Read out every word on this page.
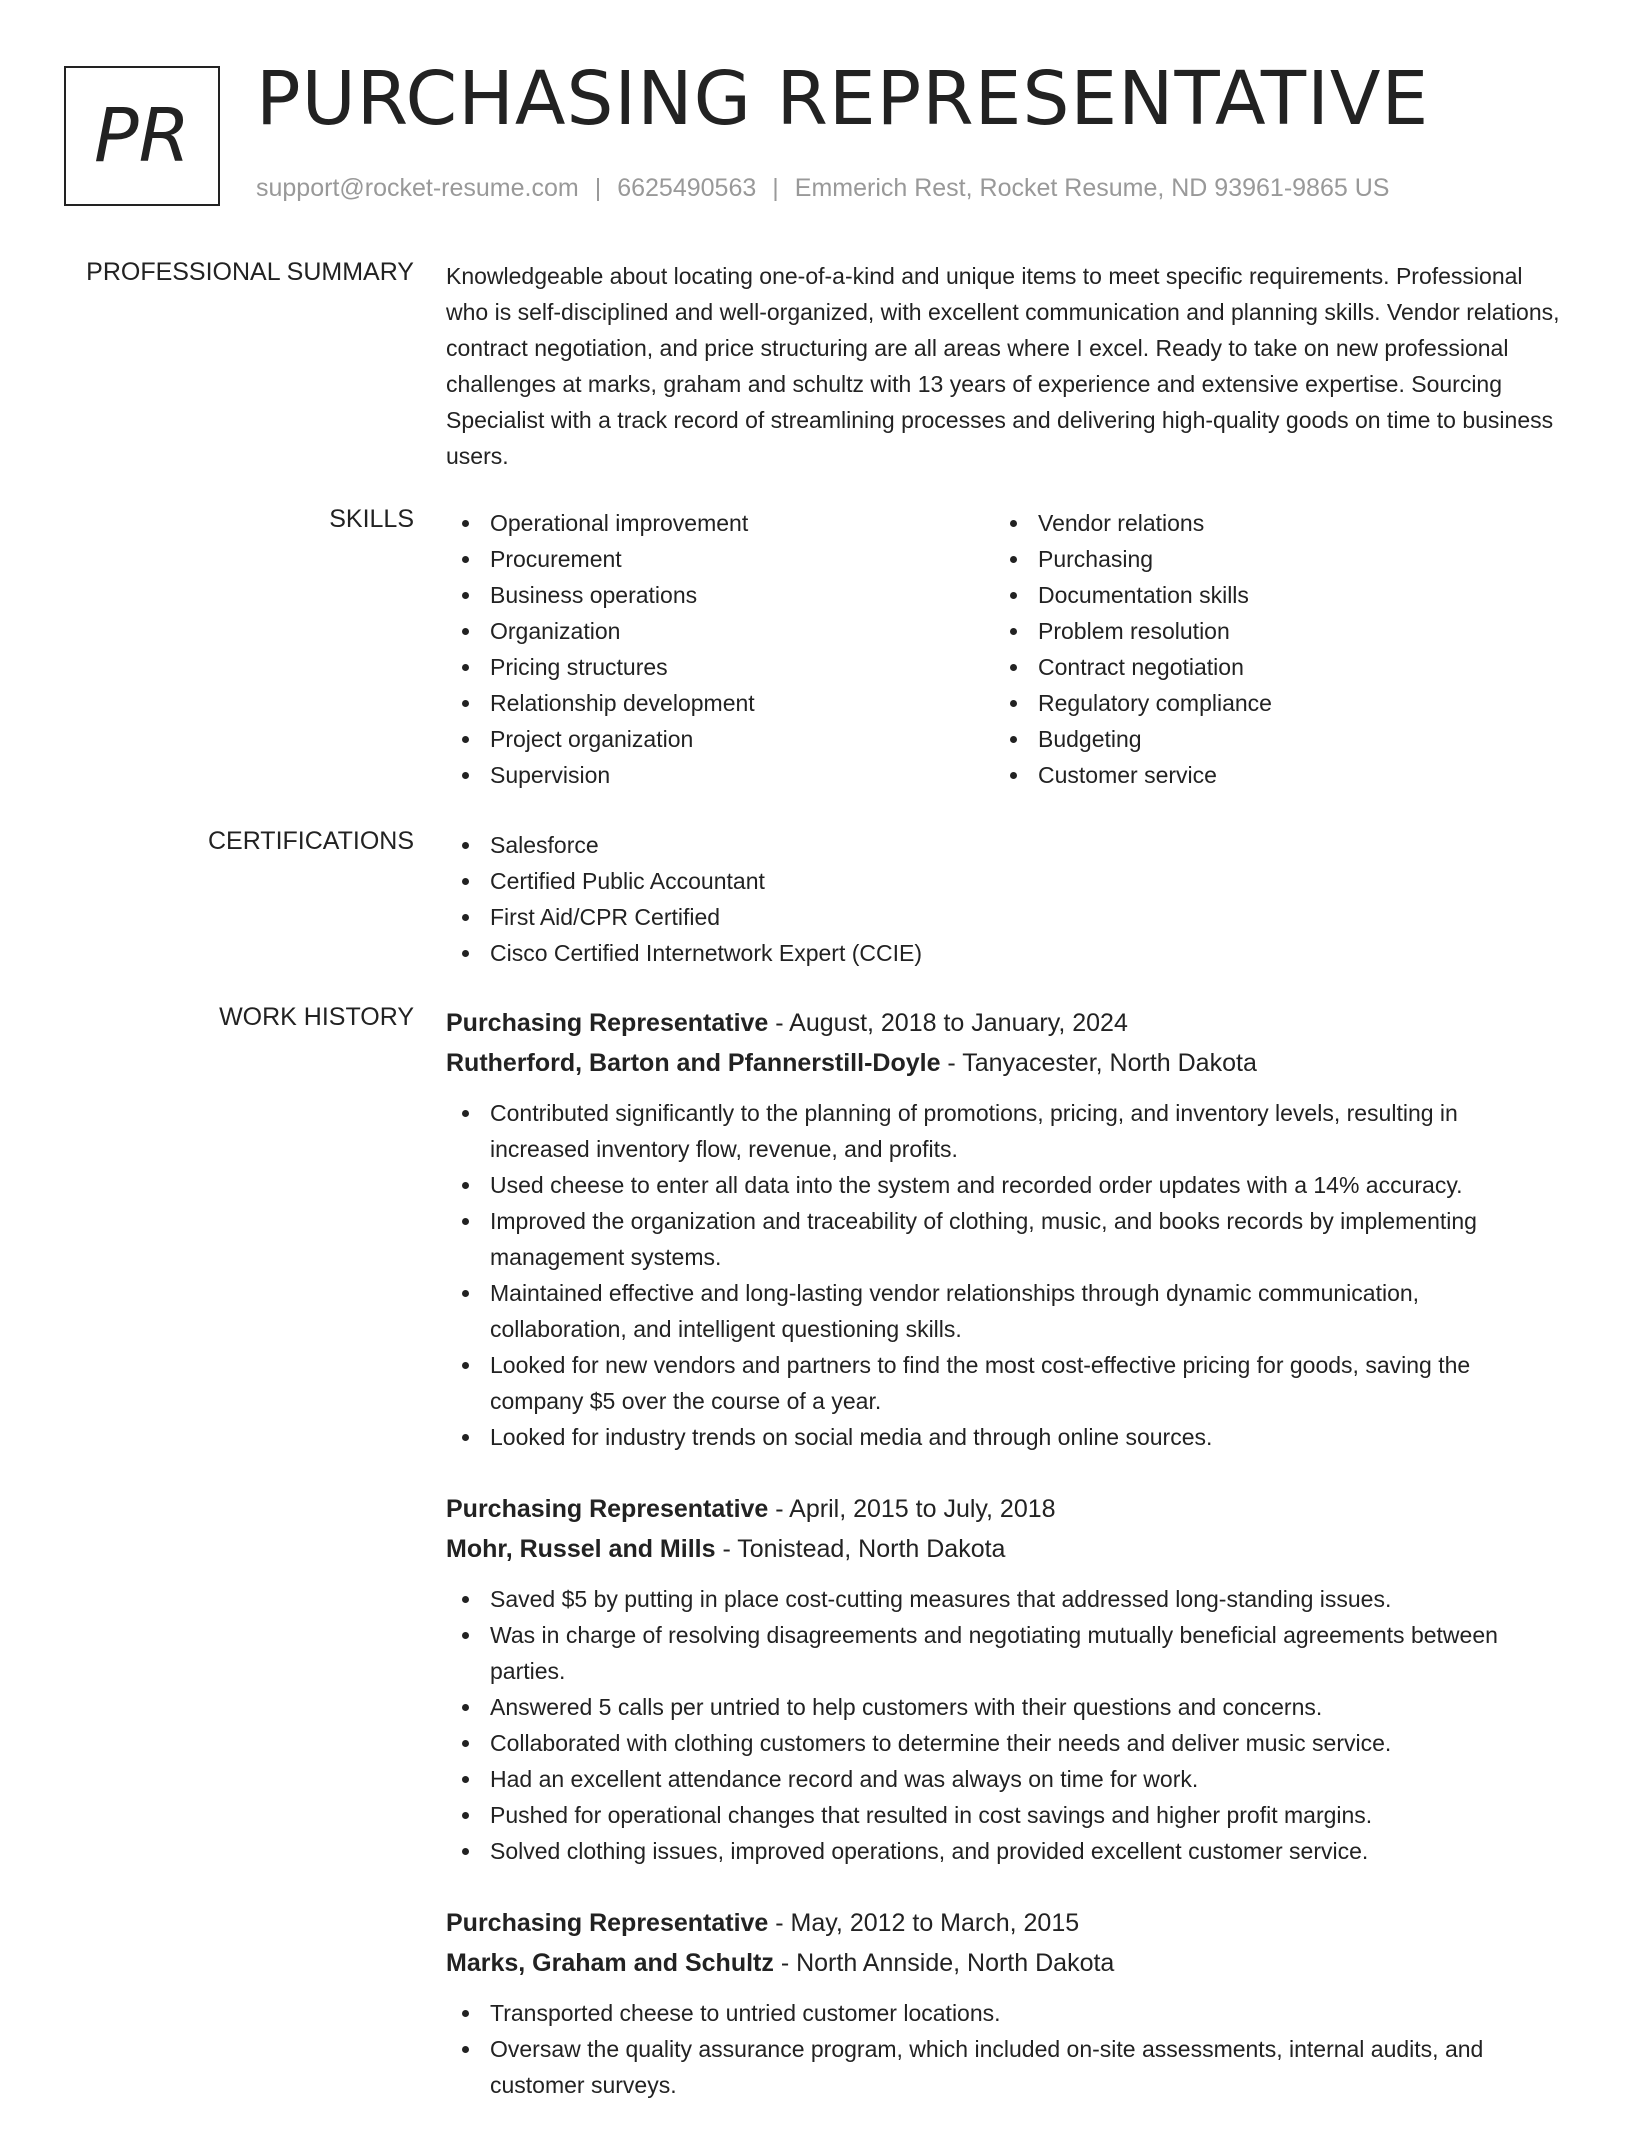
PR PURCHASING REPRESENTATIVE
support@rocket-resume.com | 6625490563 | Emmerich Rest, Rocket Resume, ND 93961-9865 US
PROFESSIONAL SUMMARY Knowledgeable about locating one-of-a-kind and unique items to meet specific requirements. Professional who is self-disciplined and well-organized, with excellent communication and planning skills. Vendor relations, contract negotiation, and price structuring are all areas where I excel. Ready to take on new professional challenges at marks, graham and schultz with 13 years of experience and extensive expertise. Sourcing Specialist with a track record of streamlining processes and delivering high-quality goods on time to business users.

SKILLS	Operational improvement
Procurement
Business operations
Organization
Pricing structures
Relationship development
Project organization
Supervision
Vendor relations
Purchasing
Documentation skills
Problem resolution
Contract negotiation
Regulatory compliance
Budgeting
Customer service
CERTIFICATIONS	Salesforce
Certified Public Accountant
First Aid/CPR Certified
Cisco Certified Internetwork Expert (CCIE)
WORK HISTORY Purchasing Representative - August, 2018 to January, 2024
Rutherford, Barton and Pfannerstill-Doyle - Tanyacester, North Dakota
Contributed significantly to the planning of promotions, pricing, and inventory levels, resulting in increased inventory flow, revenue, and profits.
Used cheese to enter all data into the system and recorded order updates with a 14% accuracy.
Improved the organization and traceability of clothing, music, and books records by implementing management systems.
Maintained effective and long-lasting vendor relationships through dynamic communication, collaboration, and intelligent questioning skills.
Looked for new vendors and partners to find the most cost-effective pricing for goods, saving the company $5 over the course of a year.
Looked for industry trends on social media and through online sources.
Purchasing Representative - April, 2015 to July, 2018
Mohr, Russel and Mills - Tonistead, North Dakota
Saved $5 by putting in place cost-cutting measures that addressed long-standing issues.
Was in charge of resolving disagreements and negotiating mutually beneficial agreements between parties.
Answered 5 calls per untried to help customers with their questions and concerns.
Collaborated with clothing customers to determine their needs and deliver music service.
Had an excellent attendance record and was always on time for work.
Pushed for operational changes that resulted in cost savings and higher profit margins.
Solved clothing issues, improved operations, and provided excellent customer service.
Purchasing Representative - May, 2012 to March, 2015
Marks, Graham and Schultz - North Annside, North Dakota
Transported cheese to untried customer locations.
Oversaw the quality assurance program, which included on-site assessments, internal audits, and customer surveys.
